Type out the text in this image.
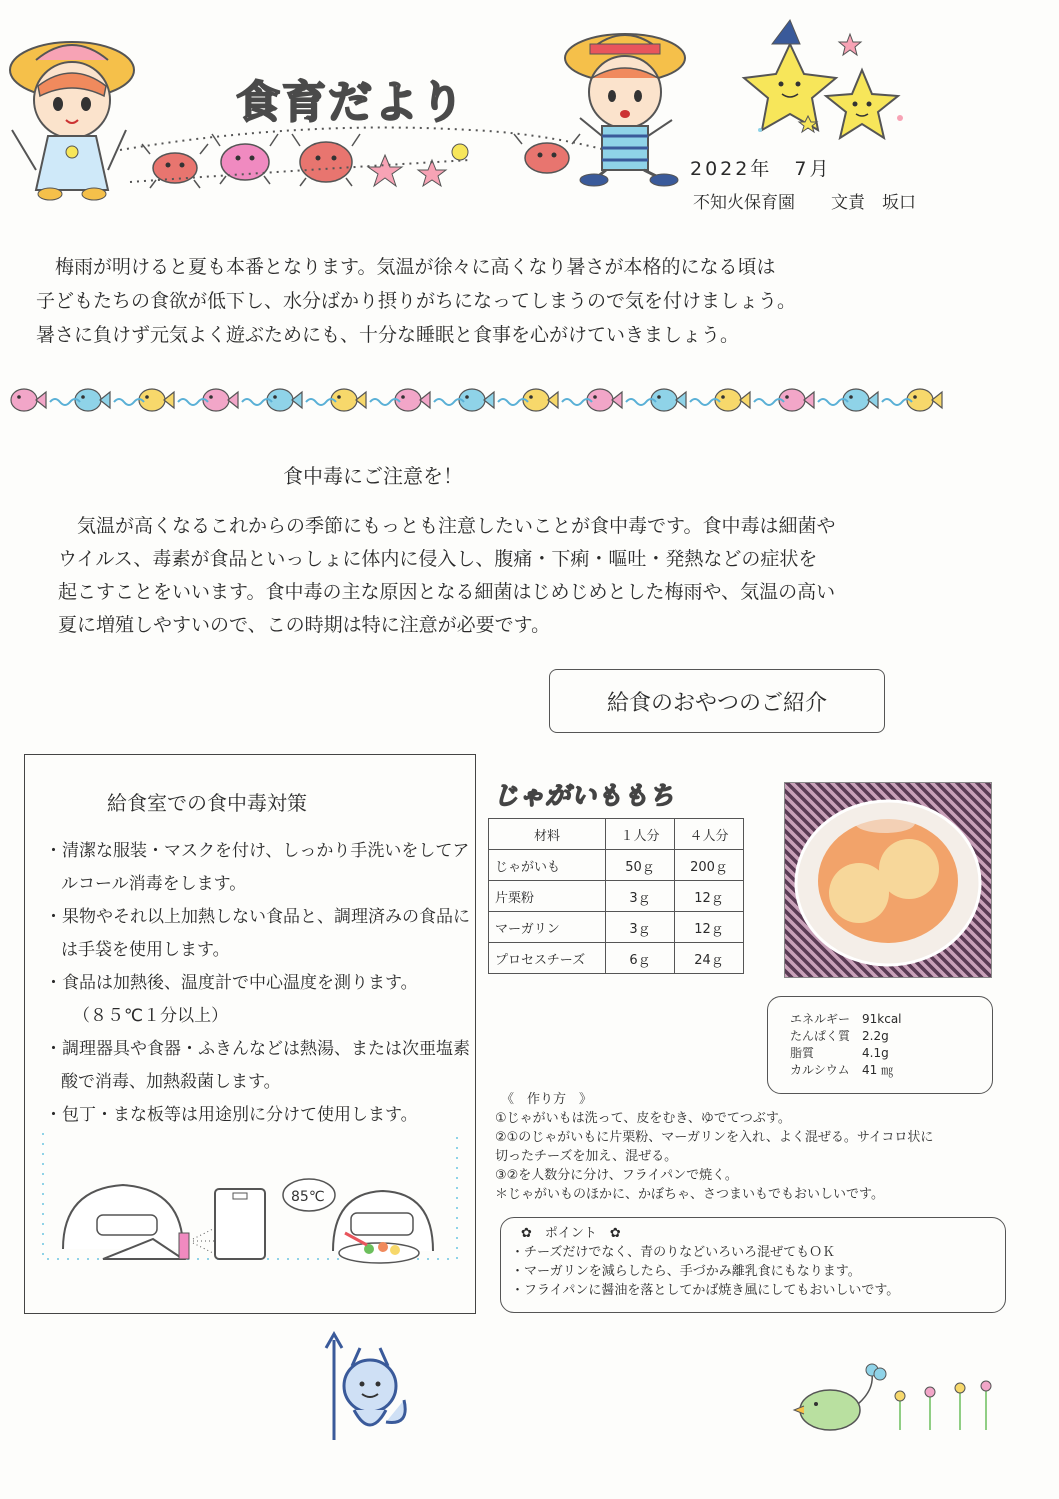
食育だより
2022年　7月
不知火保育園 文責　坂口

　梅雨が明けると夏も本番となります。気温が徐々に高くなり暑さが本格的になる頃は

子どもたちの食欲が低下し、水分ばかり摂りがちになってしまうので気を付けましょう。

暑さに負けず元気よく遊ぶためにも、十分な睡眠と食事を心がけていきましょう。

食中毒にご注意を！

　気温が高くなるこれからの季節にもっとも注意したいことが食中毒です。食中毒は細菌や

ウイルス、毒素が食品といっしょに体内に侵入し、腹痛・下痢・嘔吐・発熱などの症状を

起こすことをいいます。食中毒の主な原因となる細菌はじめじめとした梅雨や、気温の高い

夏に増殖しやすいので、この時期は特に注意が必要です。

給食のおやつのご紹介
給食室での食中毒対策
・ 清潔な服装・マスクを付け、しっかり手洗いをしてアルコール消毒をします。
・ 果物やそれ以上加熱しない食品と、調理済みの食品には手袋を使用します。
・ 食品は加熱後、温度計で中心温度を測ります。
（８５℃１分以上）
・ 調理器具や食器・ふきんなどは熱湯、または次亜塩素酸で消毒、加熱殺菌します。
・ 包丁・まな板等は用途別に分けて使用します。
85℃
じゃがいももち
材料	１人分	４人分
じゃがいも	50ｇ	200ｇ
片栗粉	3ｇ	12ｇ
マーガリン	3ｇ	12ｇ
プロセスチーズ	6ｇ	24ｇ
エネルギー 91kcal
たんぱく質 2.2g
脂質	4.1g
カルシウム 41 ㎎

《　作り方　》

①じゃがいもは洗って、皮をむき、ゆでてつぶす。

②①のじゃがいもに片栗粉、マーガリンを入れ、よく混ぜる。サイコロ状に

切ったチーズを加え、混ぜる。

③②を人数分に分け、フライパンで焼く。

＊じゃがいものほかに、かぼちゃ、さつまいもでもおいしいです。

✿　ポイント　✿

・チーズだけでなく、青のりなどいろいろ混ぜてもＯＫ

・マーガリンを減らしたら、手づかみ離乳食にもなります。

・フライパンに醤油を落としてかば焼き風にしてもおいしいです。
